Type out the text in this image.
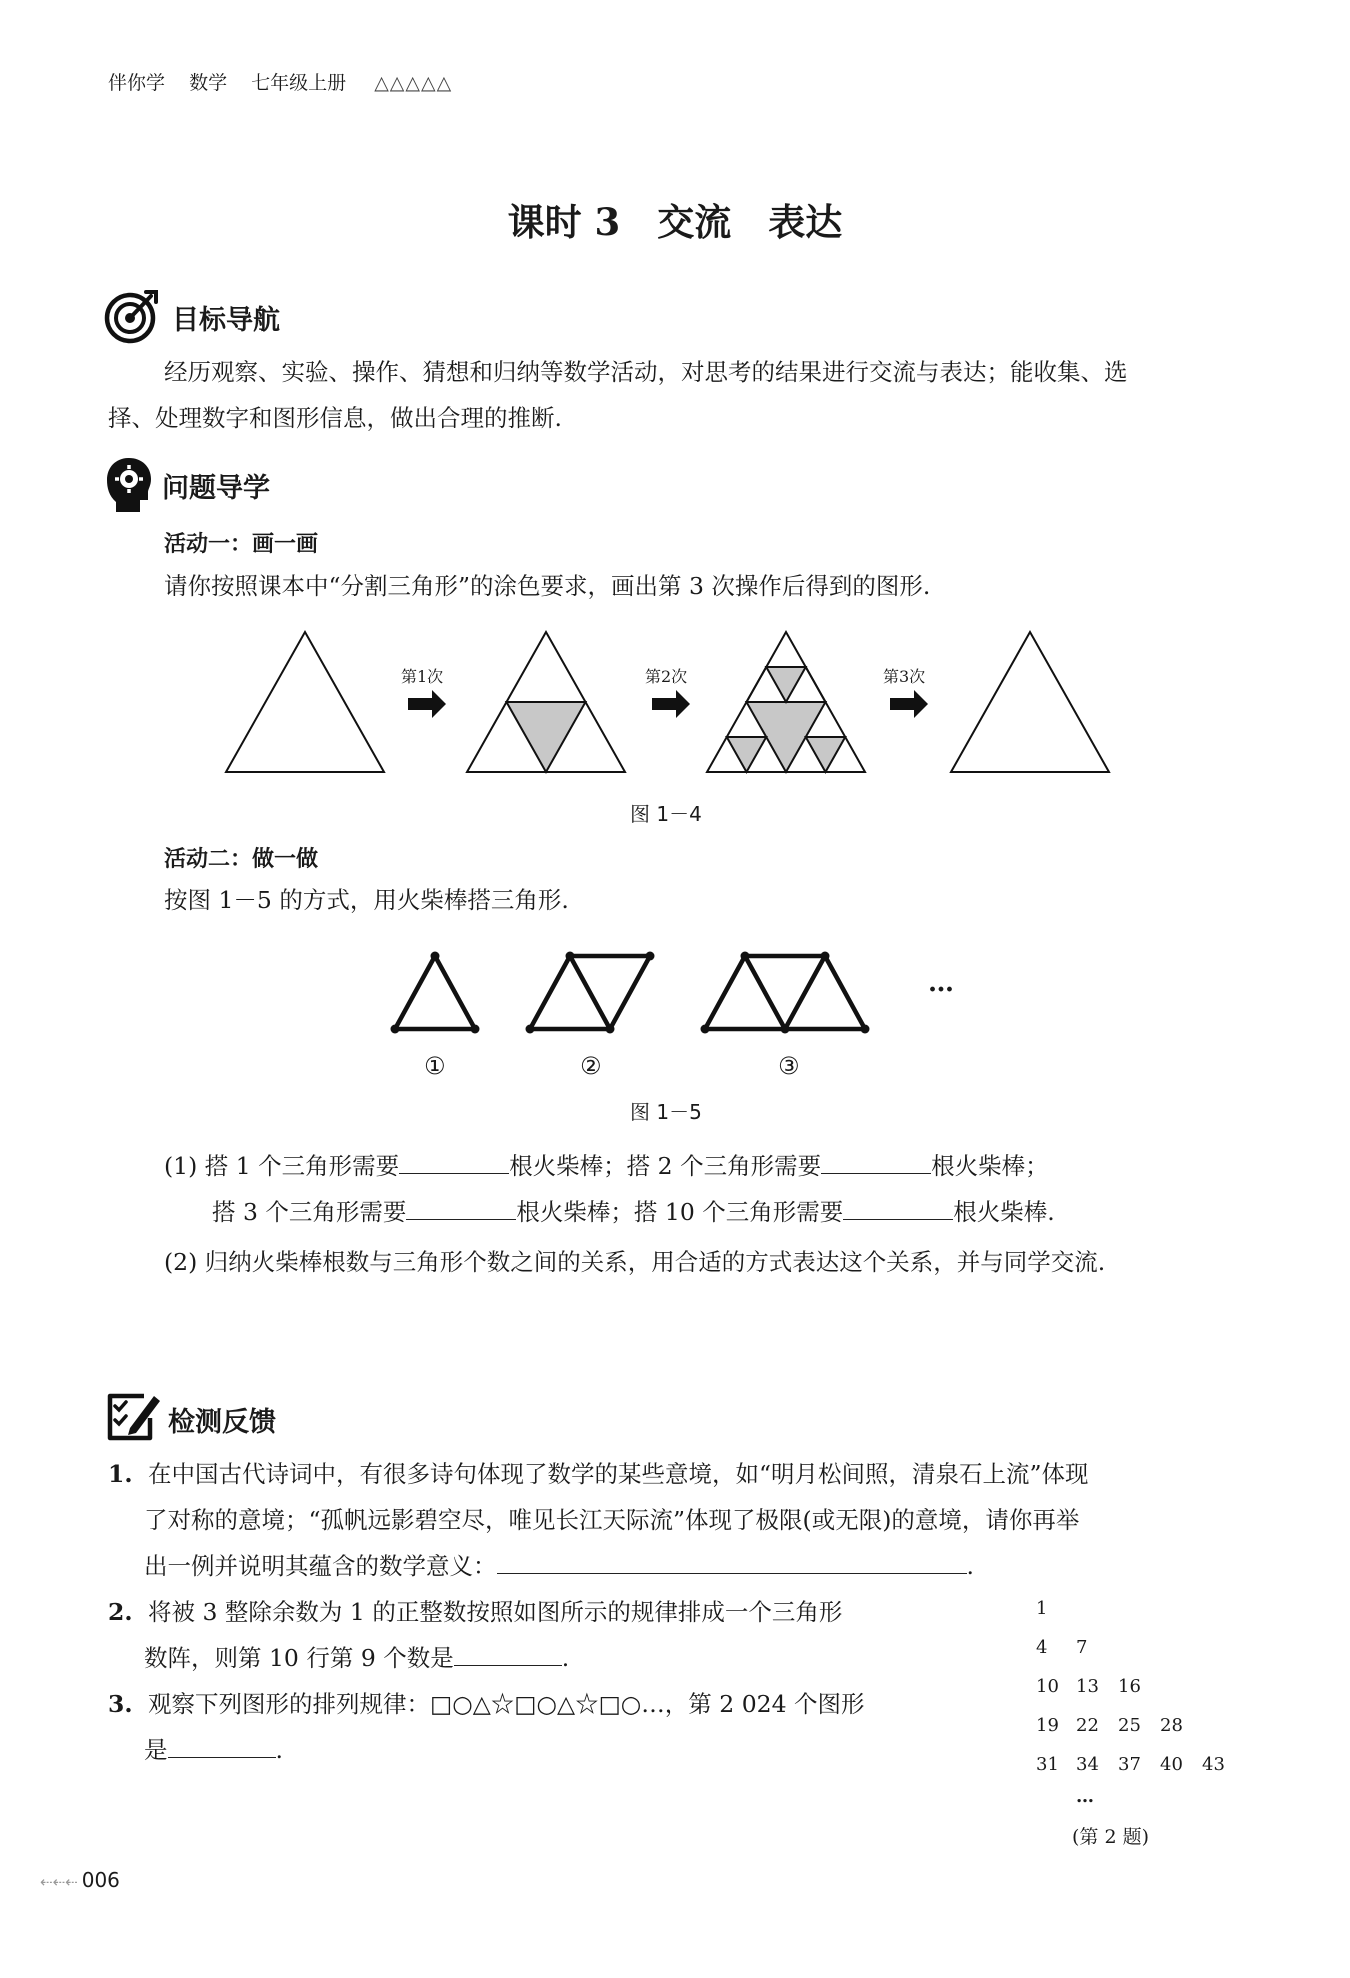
伴你学 数学 七年级上册 △△△△△
课时 3　交流　表达
目标导航
经历观察、实验、操作、猜想和归纳等数学活动，对思考的结果进行交流与表达；能收集、选
择、处理数字和图形信息，做出合理的推断.
问题导学
活动一：画一画
请你按照课本中“分割三角形”的涂色要求，画出第 3 次操作后得到的图形.
第1次	第2次	第3次
图 1－4
活动二：做一做
按图 1－5 的方式，用火柴棒搭三角形.
…
①	②	③
图 1－5
(1) 搭 1 个三角形需要	根火柴棒；搭 2 个三角形需要	根火柴棒；
搭 3 个三角形需要	根火柴棒；搭 10 个三角形需要	根火柴棒.
(2) 归纳火柴棒根数与三角形个数之间的关系，用合适的方式表达这个关系，并与同学交流.
检测反馈
1. 在中国古代诗词中，有很多诗句体现了数学的某些意境，如“明月松间照，清泉石上流”体现
了对称的意境；“孤帆远影碧空尽，唯见长江天际流”体现了极限(或无限)的意境，请你再举
出一例并说明其蕴含的数学意义：	.
2. 将被 3 整除余数为 1 的正整数按照如图所示的规律排成一个三角形
数阵，则第 10 行第 9 个数是	.
3. 观察下列图形的排列规律：□○△☆□○△☆□○…，第 2 024 个图形
是	.
1
4 7
10 13 16
19 22 25 28
31 34 37 40 43
…
(第 2 题)
⇠⇠⇠ 006
